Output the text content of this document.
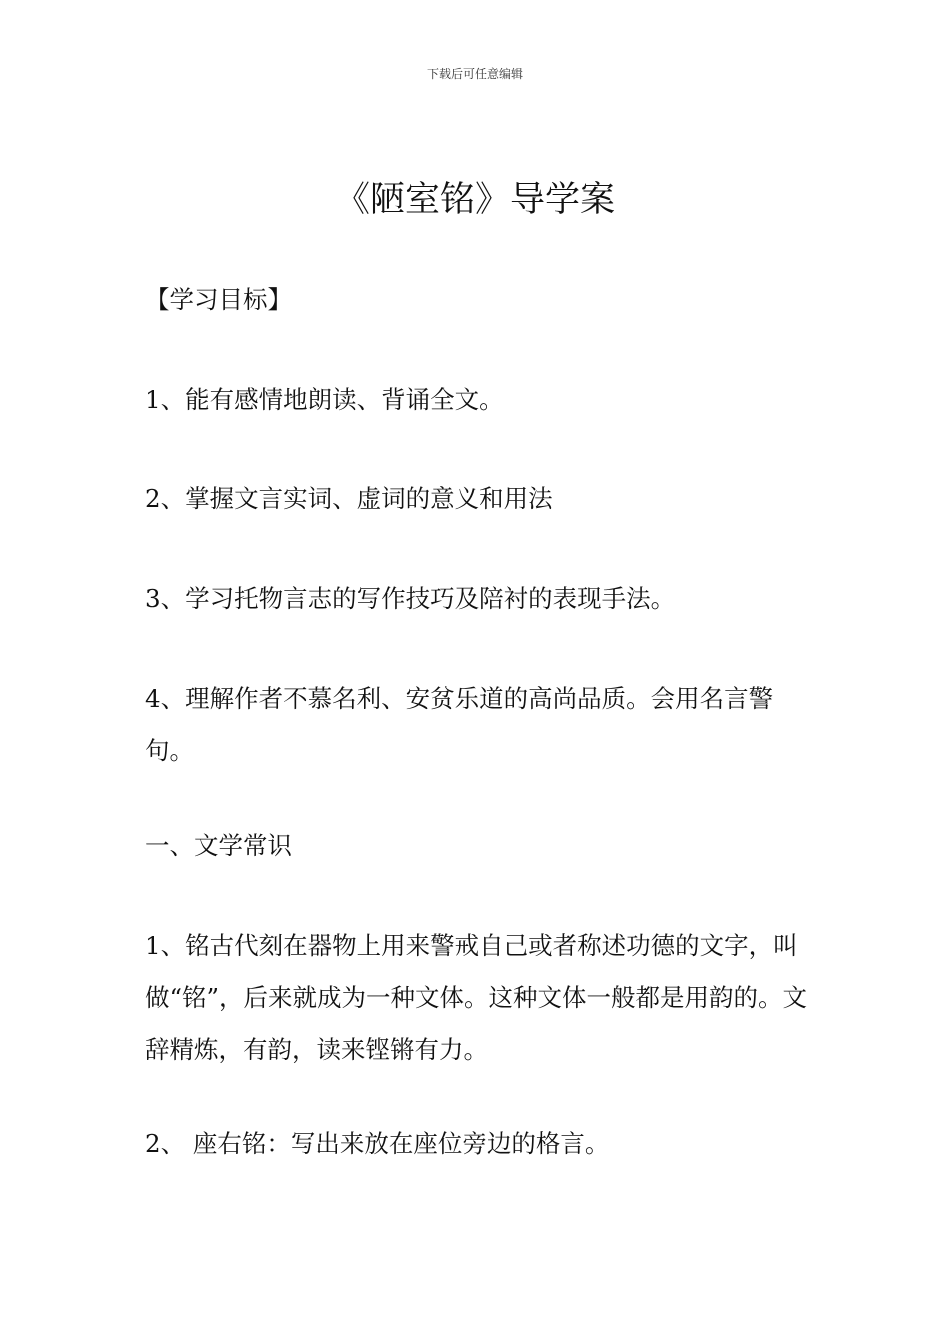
下载后可任意编辑
《陋室铭》导学案

【学习目标】

1、能有感情地朗读、背诵全文。

2、掌握文言实词、虚词的意义和用法

3、学习托物言志的写作技巧及陪衬的表现手法。

4、理解作者不慕名利、安贫乐道的高尚品质。会用名言警句。

一、文学常识

1、铭古代刻在器物上用来警戒自己或者称述功德的文字，叫做“铭”，后来就成为一种文体。这种文体一般都是用韵的。文辞精炼，有韵，读来铿锵有力。

2、 座右铭：写出来放在座位旁边的格言。
